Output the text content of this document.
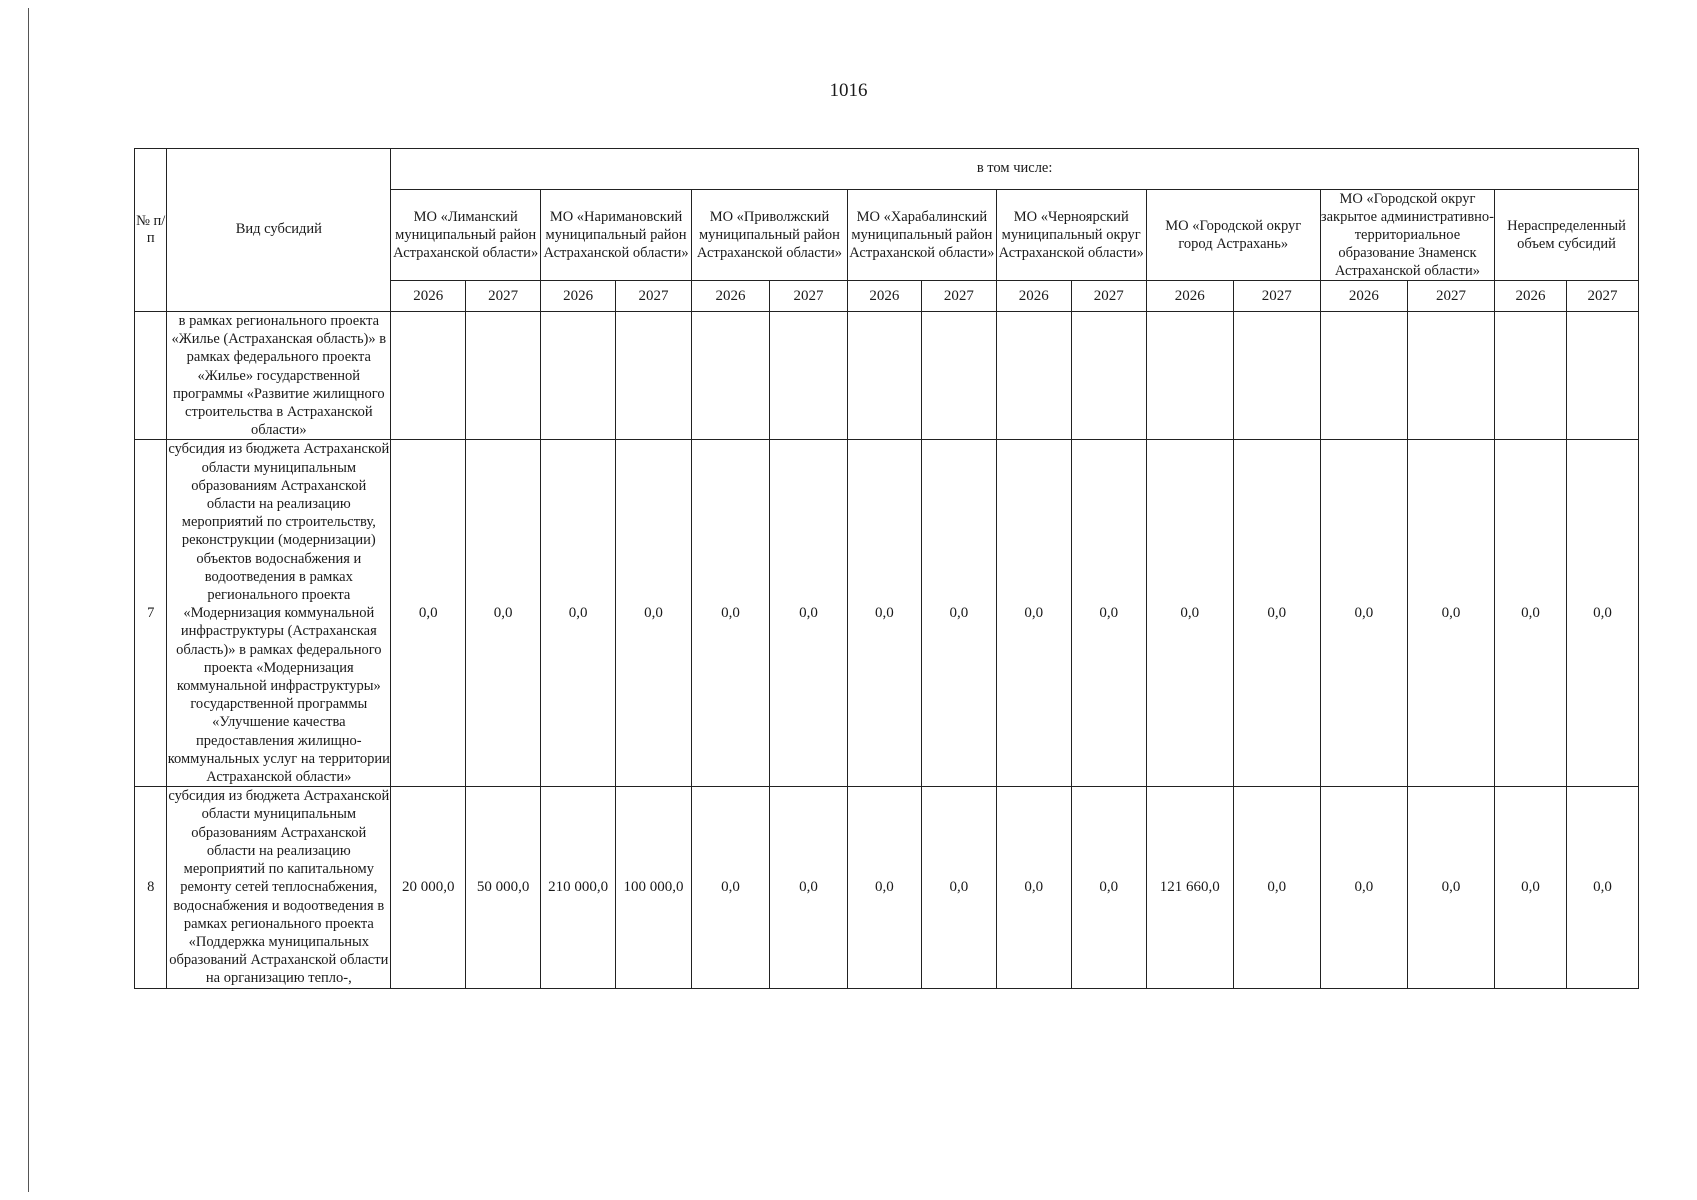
1016
№ п/п	Вид субсидий	в том числе:															
		МО «Лиманский муниципальный район Астраханской области»		МО «Наримановский муниципальный район Астраханской области»		МО «Приволжский муниципальный район Астраханской области»		МО «Харабалинский муниципальный район Астраханской области»		МО «Черноярский муниципальный округ Астраханской области»		МО «Городской округ город Астрахань»		МО «Городской округ закрытое административно-территориальное образование Знаменск Астраханской области»		Нераспределенный объем субсидий	
		2026	2027	2026	2027	2026	2027	2026	2027	2026	2027	2026	2027	2026	2027	2026	2027
	в рамках регионального проекта «Жилье (Астраханская область)» в рамках федерального проекта «Жилье» государственной программы «Развитие жилищного строительства в Астраханской области»																
7	субсидия из бюджета Астраханской области муниципальным образованиям Астраханской области на реализацию мероприятий по строительству, реконструкции (модернизации) объектов водоснабжения и водоотведения в рамках регионального проекта «Модернизация коммунальной инфраструктуры (Астраханская область)» в рамках федерального проекта «Модернизация коммунальной инфраструктуры» государственной программы «Улучшение качества предоставления жилищно-коммунальных услуг на территории Астраханской области»	0,0	0,0	0,0	0,0	0,0	0,0	0,0	0,0	0,0	0,0	0,0	0,0	0,0	0,0	0,0	0,0
8	субсидия из бюджета Астраханской области муниципальным образованиям Астраханской области на реализацию мероприятий по капитальному ремонту сетей теплоснабжения, водоснабжения и водоотведения в рамках регионального проекта «Поддержка муниципальных образований Астраханской области на организацию тепло-,	20 000,0	50 000,0	210 000,0	100 000,0	0,0	0,0	0,0	0,0	0,0	0,0	121 660,0	0,0	0,0	0,0	0,0	0,0
